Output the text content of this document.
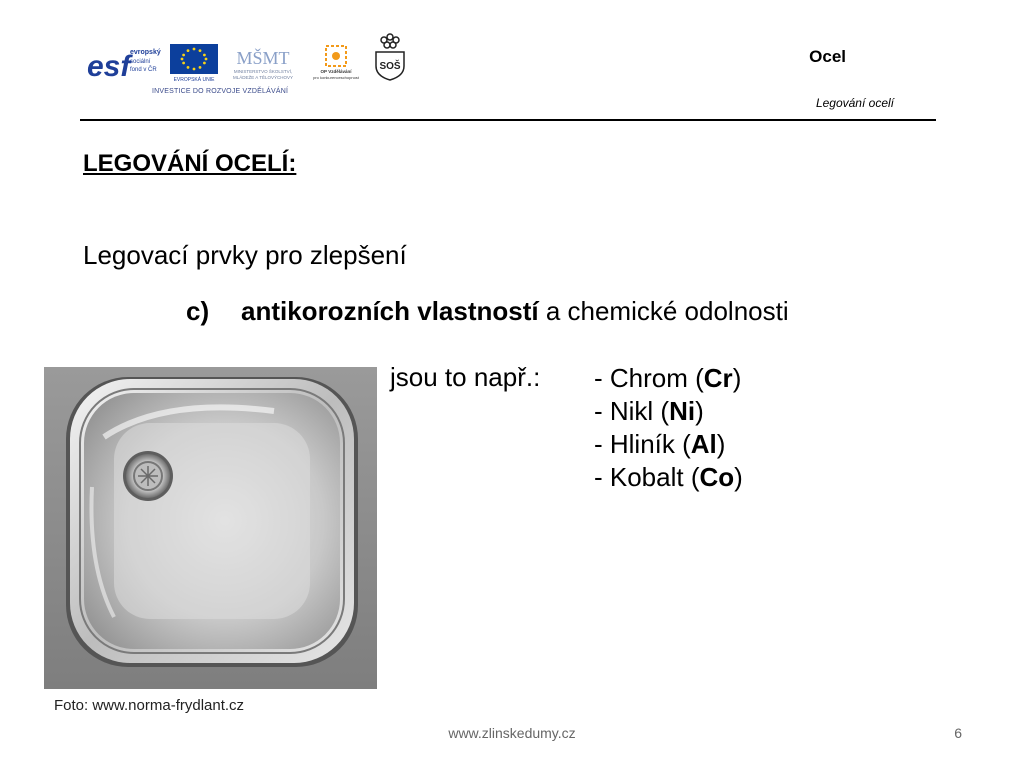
esf evropský
sociální
fond v ČR
EVROPSKÁ UNIE
MŠMT
MINISTERSTVO ŠKOLSTVÍ,
MLÁDEŽE A TĚLOVÝCHOVY
OP Vzdělávání
pro konkurenceschopnost
SOŠ
INVESTICE DO ROZVOJE VZDĚLÁVÁNÍ
Ocel
Legování ocelí
LEGOVÁNÍ OCELÍ:
Legovací prvky pro zlepšení
c) antikorozních vlastností a chemické odolnosti
jsou to např.: - Chrom (Cr)
- Nikl (Ni)
- Hliník (Al)
- Kobalt (Co)
Foto: www.norma-frydlant.cz
www.zlinskedumy.cz	6
